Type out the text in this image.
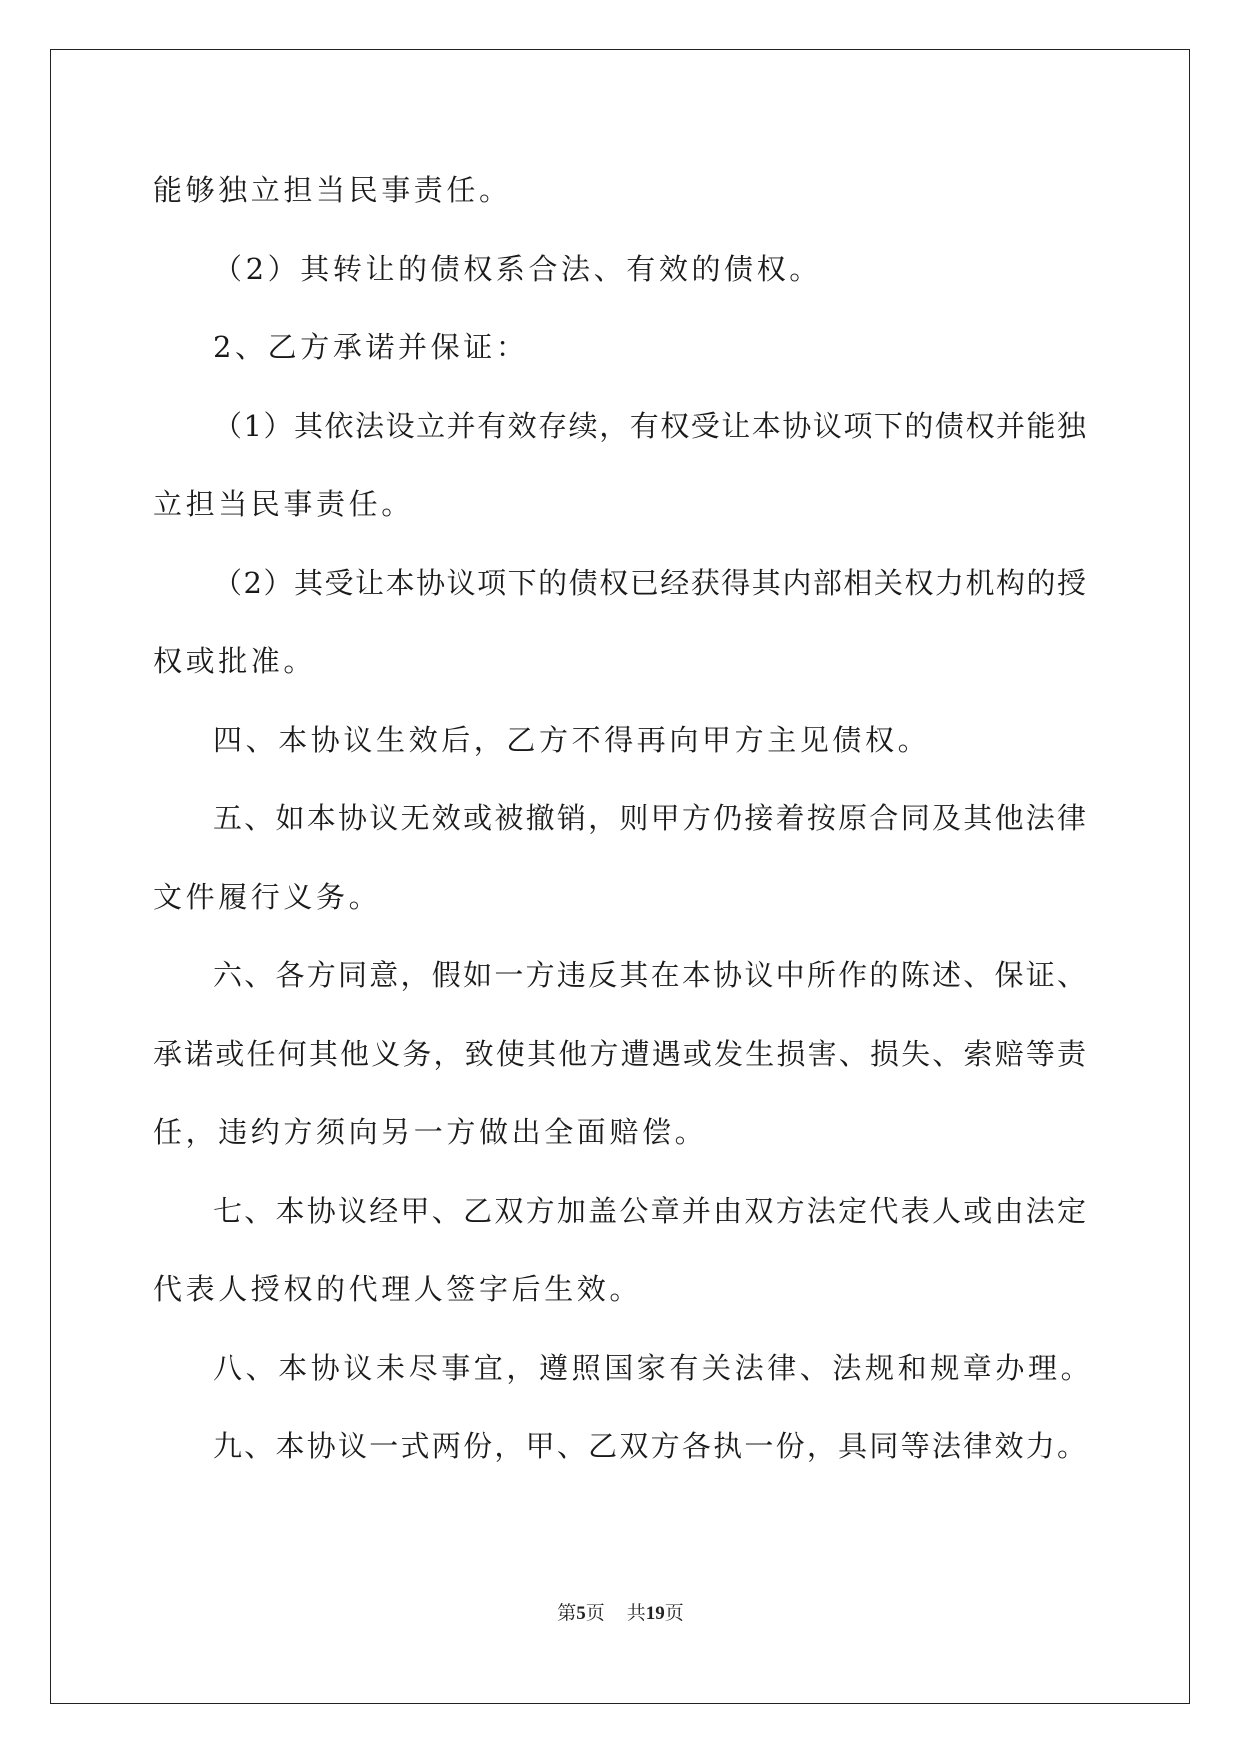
能够独立担当民事责任。
（2）其转让的债权系合法、有效的债权。
2、乙方承诺并保证：
（1）其依法设立并有效存续，有权受让本协议项下的债权并能独
立担当民事责任。
（2）其受让本协议项下的债权已经获得其内部相关权力机构的授
权或批准。
四、本协议生效后，乙方不得再向甲方主见债权。
五、如本协议无效或被撤销，则甲方仍接着按原合同及其他法律
文件履行义务。
六、各方同意，假如一方违反其在本协议中所作的陈述、保证、
承诺或任何其他义务，致使其他方遭遇或发生损害、损失、索赔等责
任，违约方须向另一方做出全面赔偿。
七、本协议经甲、乙双方加盖公章并由双方法定代表人或由法定
代表人授权的代理人签字后生效。
八、本协议未尽事宜，遵照国家有关法律、法规和规章办理。
九、本协议一式两份，甲、乙双方各执一份，具同等法律效力。
第5页 共19页
